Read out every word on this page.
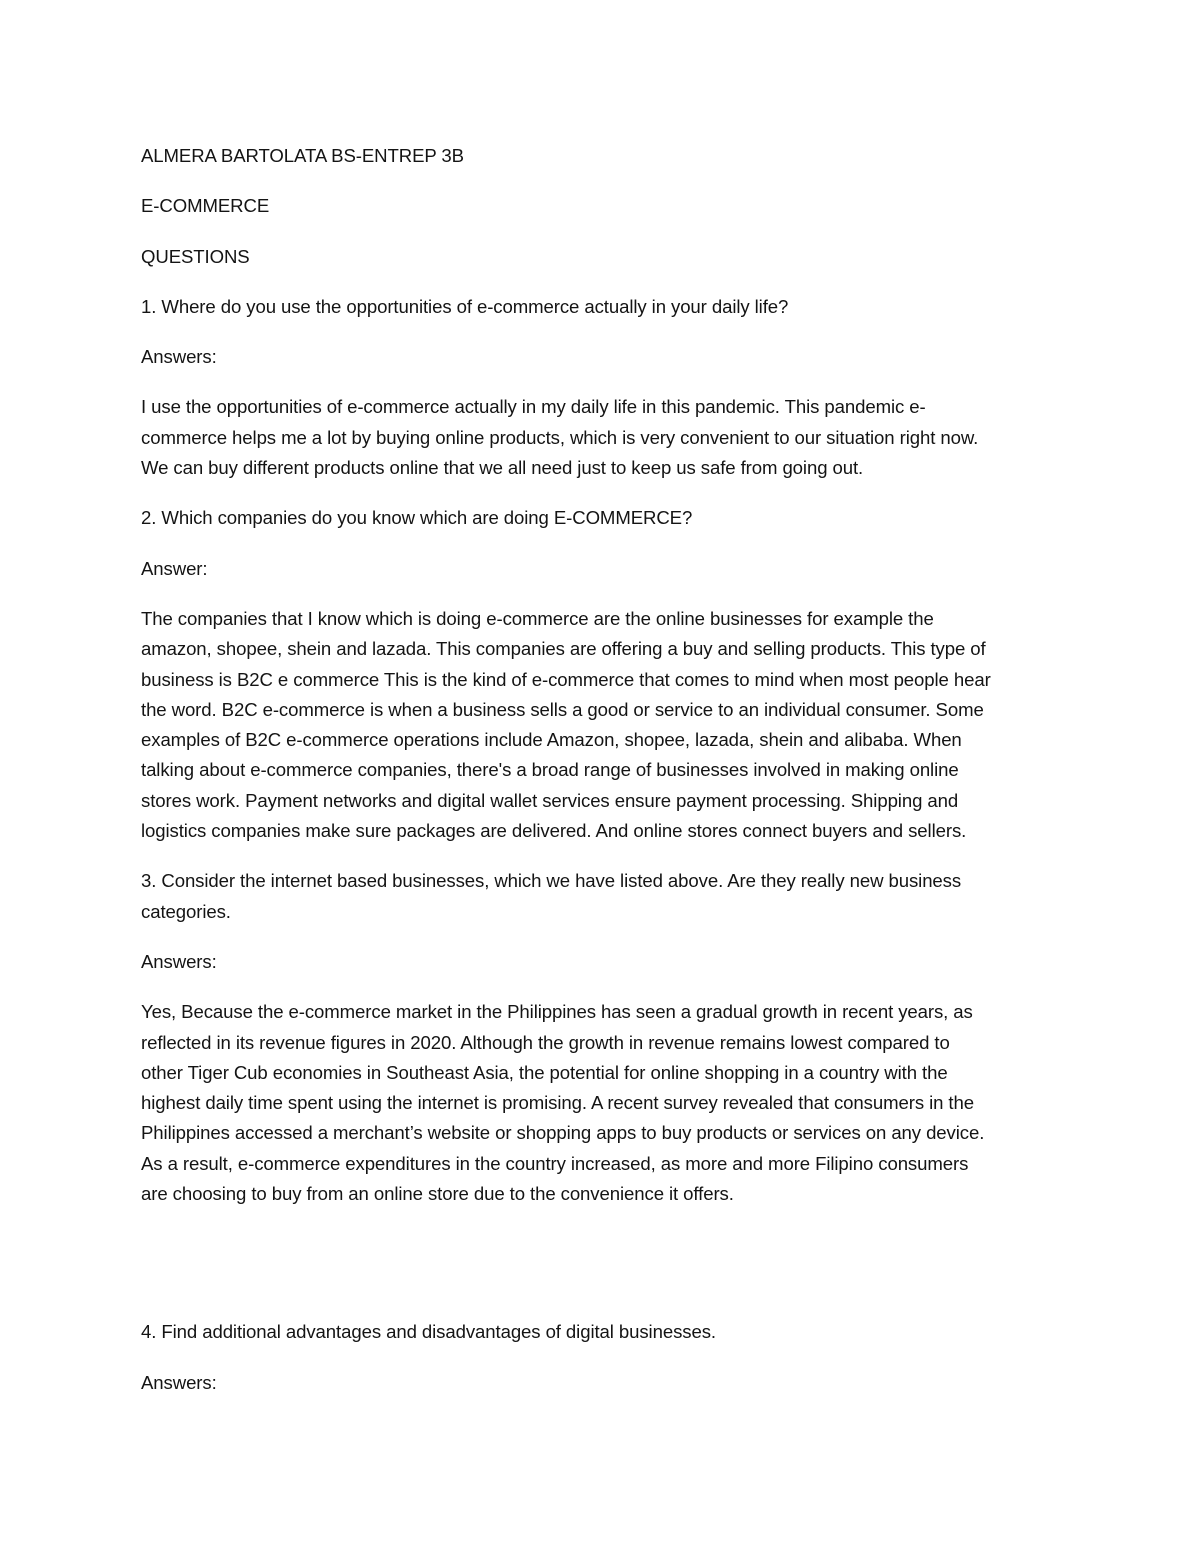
ALMERA BARTOLATA BS-ENTREP 3B
E-COMMERCE
QUESTIONS
1. Where do you use the opportunities of e-commerce actually in your daily life?
Answers:
I use the opportunities of e-commerce actually in my daily life in this pandemic. This pandemic e-
commerce helps me a lot by buying online products, which is very convenient to our situation right now.
We can buy different products online that we all need just to keep us safe from going out.
2. Which companies do you know which are doing E-COMMERCE?
Answer:
The companies that I know which is doing e-commerce are the online businesses for example the
amazon, shopee, shein and lazada. This companies are offering a buy and selling products. This type of
business is B2C e commerce This is the kind of e-commerce that comes to mind when most people hear
the word. B2C e-commerce is when a business sells a good or service to an individual consumer. Some
examples of B2C e-commerce operations include Amazon, shopee, lazada, shein and alibaba. When
talking about e-commerce companies, there's a broad range of businesses involved in making online
stores work. Payment networks and digital wallet services ensure payment processing. Shipping and
logistics companies make sure packages are delivered. And online stores connect buyers and sellers.
3. Consider the internet based businesses, which we have listed above. Are they really new business
categories.
Answers:
Yes, Because the e-commerce market in the Philippines has seen a gradual growth in recent years, as
reflected in its revenue figures in 2020. Although the growth in revenue remains lowest compared to
other Tiger Cub economies in Southeast Asia, the potential for online shopping in a country with the
highest daily time spent using the internet is promising. A recent survey revealed that consumers in the
Philippines accessed a merchant’s website or shopping apps to buy products or services on any device.
As a result, e-commerce expenditures in the country increased, as more and more Filipino consumers
are choosing to buy from an online store due to the convenience it offers.
4. Find additional advantages and disadvantages of digital businesses.
Answers:
